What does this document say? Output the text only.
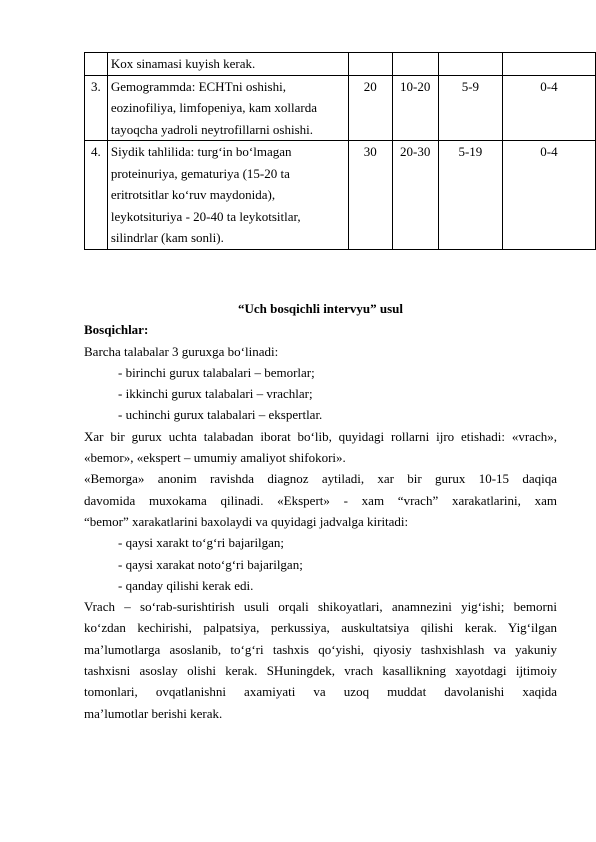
	Kox sinamasi kuyish kerak.				

3.	Gemogrammda: ECHTni oshishi,
eozinofiliya, limfopeniya, kam xollarda
tayoqcha yadroli neytrofillarni oshishi.	20	10-20	5-9	0-4
4.	Siydik tahlilida: turg‘in bo‘lmagan
proteinuriya, gematuriya (15-20 ta
eritrotsitlar ko‘ruv maydonida),
leykotsituriya - 20-40 ta leykotsitlar,
silindrlar (kam sonli).	30	20-30	5-19	0-4

“Uch bosqichli intervyu” usul

Bosqichlar:

Barcha talabalar 3 guruxga bo‘linadi:

- birinchi gurux talabalari – bemorlar;

- ikkinchi gurux talabalari – vrachlar;

- uchinchi gurux talabalari – ekspertlar.

Xar bir gurux uchta talabadan iborat bo‘lib, quyidagi rollarni ijro etishadi: «vrach»,

«bemor», «ekspert – umumiy amaliyot shifokori».

«Bemorga» anonim ravishda diagnoz aytiladi, xar bir gurux 10-15 daqiqa

davomida muxokama qilinadi. «Ekspert» - xam “vrach” xarakatlarini, xam

“bemor” xarakatlarini baxolaydi va quyidagi jadvalga kiritadi:

- qaysi xarakt to‘g‘ri bajarilgan;

- qaysi xarakat noto‘g‘ri bajarilgan;

- qanday qilishi kerak edi.

Vrach – so‘rab-surishtirish usuli orqali shikoyatlari, anamnezini yig‘ishi; bemorni

ko‘zdan kechirishi, palpatsiya, perkussiya, auskultatsiya qilishi kerak. Yig‘ilgan

ma’lumotlarga asoslanib, to‘g‘ri tashxis qo‘yishi, qiyosiy tashxishlash va yakuniy

tashxisni asoslay olishi kerak. SHuningdek, vrach kasallikning xayotdagi ijtimoiy

tomonlari, ovqatlanishni axamiyati va uzoq muddat davolanishi xaqida

ma’lumotlar berishi kerak.
